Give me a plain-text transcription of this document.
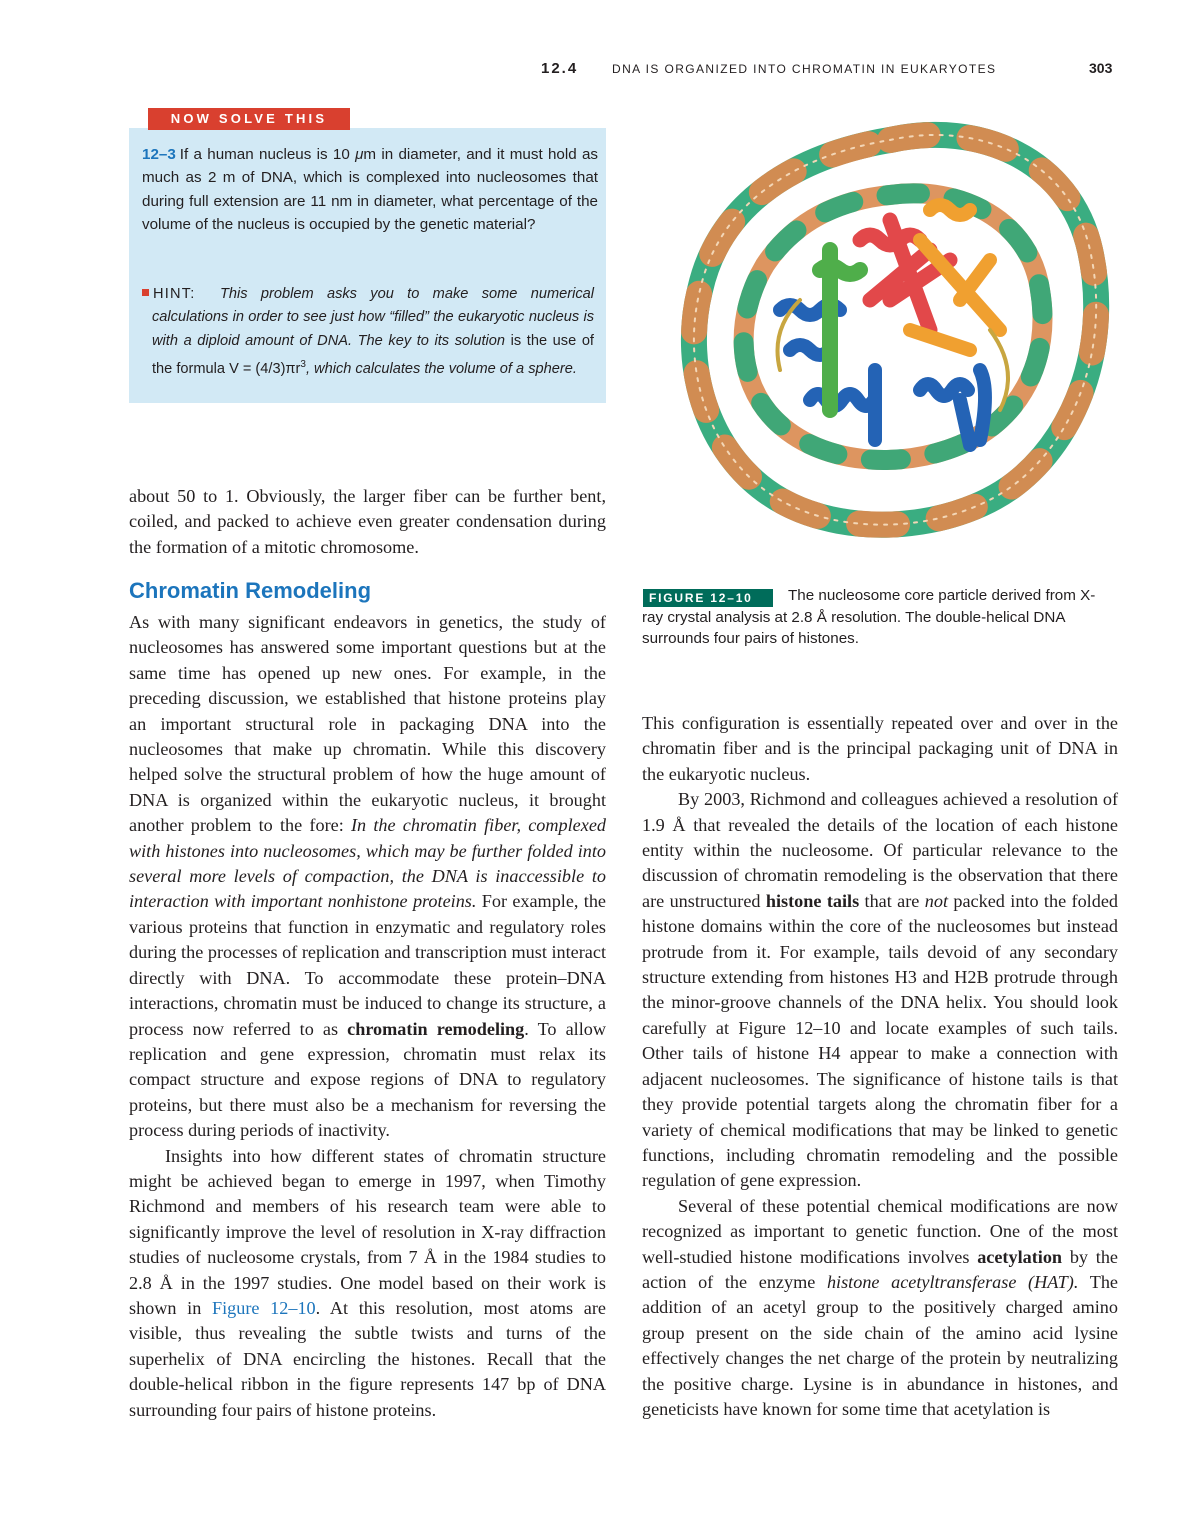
12.4	DNA IS ORGANIZED INTO CHROMATIN IN EUKARYOTES	303
NOW SOLVE THIS

12–3 If a human nucleus is 10 μm in diameter, and it must hold as much as 2 m of DNA, which is complexed into nucleosomes that during full extension are 11 nm in diameter, what percentage of the volume of the nucleus is occupied by the genetic material?

HINT:	This problem asks you to make some numerical calculations in order to see just how “filled” the eukaryotic nucleus is with a diploid amount of DNA. The key to its solution is the use of the formula $V = (4/3)\pi r^3$, which calculates the volume of a sphere.

about 50 to 1. Obviously, the larger fiber can be further bent, coiled, and packed to achieve even greater condensation during the formation of a mitotic chromosome.

Chromatin Remodeling

As with many significant endeavors in genetics, the study of nucleosomes has answered some important questions but at the same time has opened up new ones. For example, in the preceding discussion, we established that histone proteins play an important structural role in packaging DNA into the nucleosomes that make up chromatin. While this discovery helped solve the structural problem of how the huge amount of DNA is organized within the eukaryotic nucleus, it brought another problem to the fore: In the chromatin fiber, complexed with histones into nucleosomes, which may be further folded into several more levels of compaction, the DNA is inaccessible to interaction with important nonhistone proteins. For example, the various proteins that function in enzymatic and regulatory roles during the processes of replication and transcription must interact directly with DNA. To accommodate these protein–DNA interactions, chromatin must be induced to change its structure, a process now referred to as chromatin remodeling. To allow replication and gene expression, chromatin must relax its compact structure and expose regions of DNA to regulatory proteins, but there must also be a mechanism for reversing the process during periods of inactivity.

Insights into how different states of chromatin structure might be achieved began to emerge in 1997, when Timothy Richmond and members of his research team were able to significantly improve the level of resolution in X-ray diffraction studies of nucleosome crystals, from 7 Å in the 1984 studies to 2.8 Å in the 1997 studies. One model based on their work is shown in Figure 12–10. At this resolution, most atoms are visible, thus revealing the subtle twists and turns of the superhelix of DNA encircling the histones. Recall that the double-helical ribbon in the figure represents 147 bp of DNA surrounding four pairs of histone proteins.

FIGURE 12–10	The nucleosome core particle derived from X-ray crystal analysis at 2.8 Å resolution. The double-helical DNA surrounds four pairs of histones.

This configuration is essentially repeated over and over in the chromatin fiber and is the principal packaging unit of DNA in the eukaryotic nucleus.

By 2003, Richmond and colleagues achieved a resolution of 1.9 Å that revealed the details of the location of each histone entity within the nucleosome. Of particular relevance to the discussion of chromatin remodeling is the observation that there are unstructured histone tails that are not packed into the folded histone domains within the core of the nucleosomes but instead protrude from it. For example, tails devoid of any secondary structure extending from histones H3 and H2B protrude through the minor-groove channels of the DNA helix. You should look carefully at Figure 12–10 and locate examples of such tails. Other tails of histone H4 appear to make a connection with adjacent nucleosomes. The significance of histone tails is that they provide potential targets along the chromatin fiber for a variety of chemical modifications that may be linked to genetic functions, including chromatin remodeling and the possible regulation of gene expression.

Several of these potential chemical modifications are now recognized as important to genetic function. One of the most well-studied histone modifications involves acetylation by the action of the enzyme histone acetyltransferase (HAT). The addition of an acetyl group to the positively charged amino group present on the side chain of the amino acid lysine effectively changes the net charge of the protein by neutralizing the positive charge. Lysine is in abundance in histones, and geneticists have known for some time that acetylation is
